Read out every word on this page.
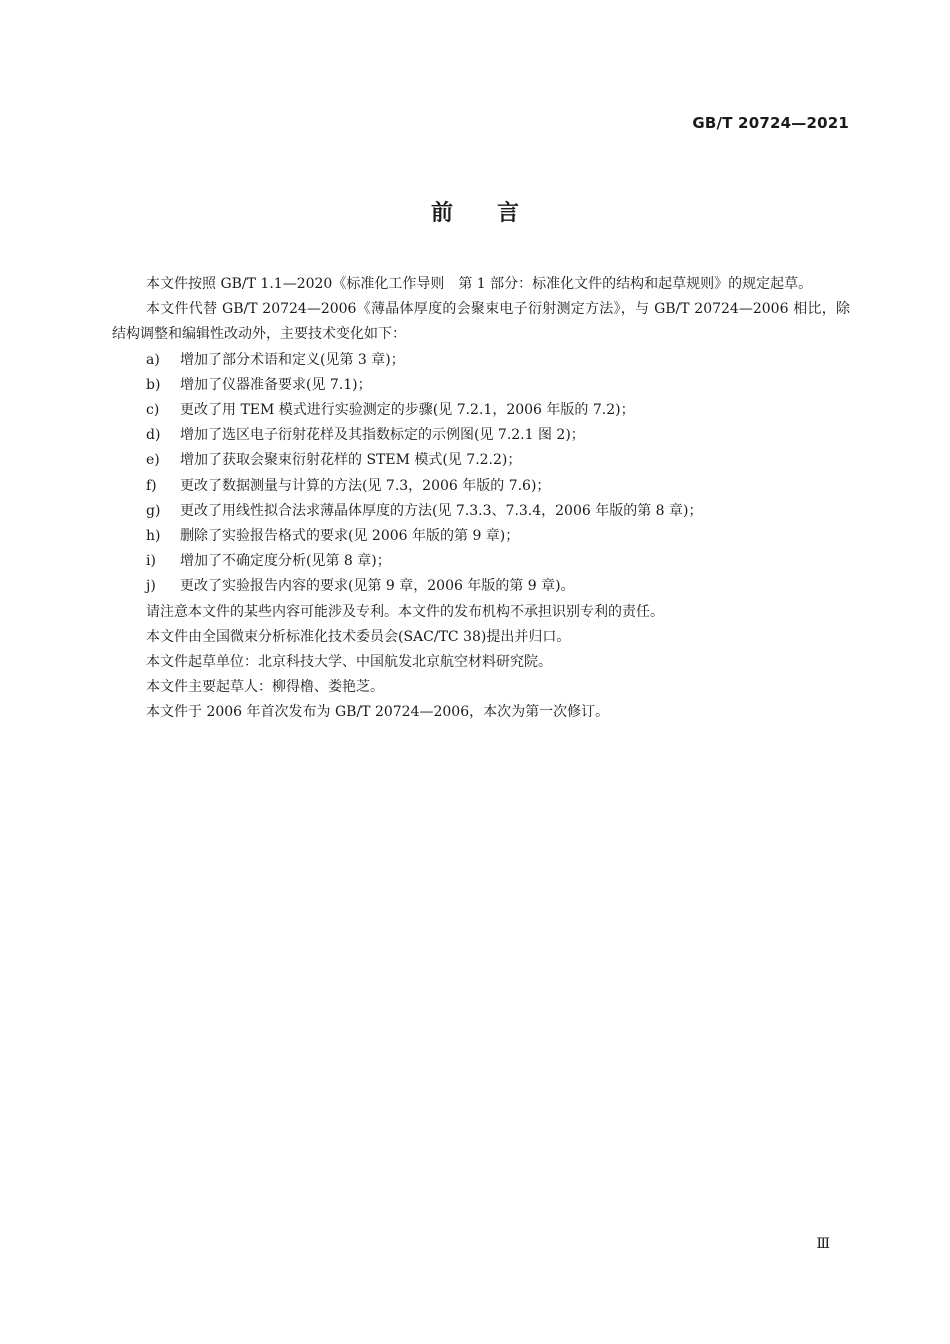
GB/T 20724—2021
前 言

本文件按照 GB/T 1.1—2020《标准化工作导则　第 1 部分：标准化文件的结构和起草规则》的规定起草。

本文件代替 GB/T 20724—2006《薄晶体厚度的会聚束电子衍射测定方法》，与 GB/T 20724—2006 相比，除结构调整和编辑性改动外，主要技术变化如下：

a) 增加了部分术语和定义(见第 3 章)；

b) 增加了仪器准备要求(见 7.1)；

c) 更改了用 TEM 模式进行实验测定的步骤(见 7.2.1，2006 年版的 7.2)；

d) 增加了选区电子衍射花样及其指数标定的示例图(见 7.2.1 图 2)；

e) 增加了获取会聚束衍射花样的 STEM 模式(见 7.2.2)；

f) 更改了数据测量与计算的方法(见 7.3，2006 年版的 7.6)；

g) 更改了用线性拟合法求薄晶体厚度的方法(见 7.3.3、7.3.4，2006 年版的第 8 章)；

h) 删除了实验报告格式的要求(见 2006 年版的第 9 章)；

i) 增加了不确定度分析(见第 8 章)；

j) 更改了实验报告内容的要求(见第 9 章，2006 年版的第 9 章)。

请注意本文件的某些内容可能涉及专利。本文件的发布机构不承担识别专利的责任。

本文件由全国微束分析标准化技术委员会(SAC/TC 38)提出并归口。

本文件起草单位：北京科技大学、中国航发北京航空材料研究院。

本文件主要起草人：柳得橹、娄艳芝。

本文件于 2006 年首次发布为 GB/T 20724—2006，本次为第一次修订。

Ⅲ
